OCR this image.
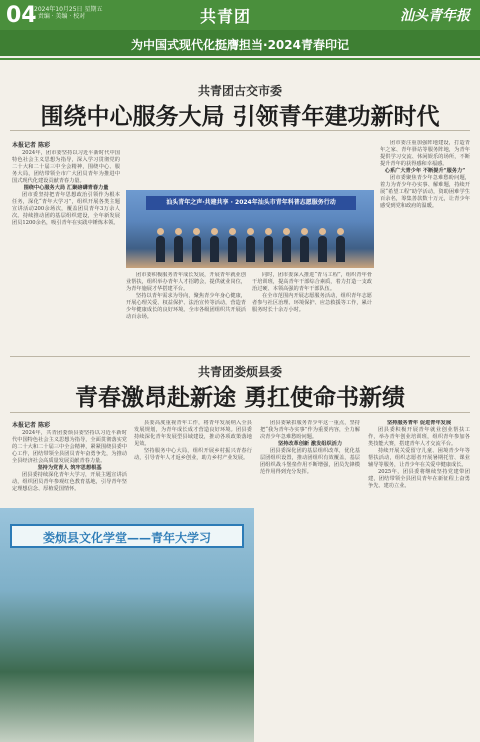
04
2024年10月25日 星期五 · 责编 · 美编 · 校对	共青团	汕头青年报
为中国式现代化挺膺担当·2024青春印记
共青团古交市委
围绕中心服务大局 引领青年建功新时代
本报记者 陈彩

2024年，团市委坚持以习近平新时代中国特色社会主义思想为指导，深入学习贯彻党的二十大和二十届三中全会精神，围绕中心、服务大局，团结带领全市广大团员青年为推进中国式现代化建设贡献青春力量。

围绕中心服务大局 汇聚磅礴青春力量

团市委坚持把青年思想政治引领作为根本任务，深化“青年大学习”，组织开展各类主题宣讲活动200余场次，覆盖团员青年3万余人次。持续推动团的基层组织建设，全年新发展团员1200余名，吸引青年在实践中锤炼本领。

汕头青年之声·共建共享 · 2024年汕头市青年科普志愿服务行动

团市委积极服务青年成长发展，开展青年就业创业帮扶，组织举办青年人才招聘会，提供就业岗位，为青年施展才华搭建平台。

坚持以青年需求为导向，聚焦青少年身心健康，开展心理关爱、权益保护、法治宣传等活动，营造青少年健康成长的良好环境。全市各级团组织共开展活动百余场。

同时，团市委深入推进“青马工程”，组织青年骨干培训班，提高青年干部综合素质，着力打造一支政治过硬、本领高强的青年干部队伍。

在全市范围内开展志愿服务活动，组织青年志愿者参与社区治理、环境保护、应急救援等工作，累计服务时长十余万小时。

团市委注重加强阵地建设，打造青年之家、青年驿站等服务阵地，为青年提供学习交流、休闲娱乐的场所，不断提升青年的获得感和幸福感。

心系广大青少年 不断提升“服务力”

团市委聚焦青少年急难愁盼问题，着力为青少年办实事、解难题，持续开展“希望工程”助学活动，资助困难学生百余名，筹集善款数十万元，让青少年感受到党和政府的温暖。

共青团娄烦县委
青春激昂赴新途 勇扛使命书新绩
本报记者 陈彩

2024年，共青团娄烦县委坚持以习近平新时代中国特色社会主义思想为指导，全面贯彻落实党的二十大和二十届三中全会精神，紧紧围绕县委中心工作，团结带领全县团员青年奋勇争先，为推动全县经济社会高质量发展贡献青春力量。

坚持为党育人 筑牢思想根基

团县委持续深化青年大学习，开展主题宣讲活动，组织团员青年参观红色教育基地，引导青年坚定理想信念、厚植爱国情怀。

县委高度重视青年工作，将青年发展纳入全县发展规划，为青年成长成才营造良好环境。团县委持续深化青年发展型县域建设，推动各项政策落地见效。

坚持服务中心大局，组织开展乡村振兴青春行动，引导青年人才返乡创业，助力乡村产业发展。

娄烦县文化学堂——青年大学习

团县委紧扣服务青少年这一重点，坚持把“我为青年办实事”作为重要内容，全力解决青少年急难愁盼问题。

坚持改革创新 激发组织活力

团县委深化团的基层组织改革，优化基层团组织设置，推动团组织有效覆盖，基层团组织战斗堡垒作用不断增强，团员先锋模范作用得到充分发挥。

坚持服务青年 促进青年发展

团县委积极开展青年就业创业帮扶工作，举办青年创业培训班，组织青年参加各类技能大赛，搭建青年人才交流平台。

持续开展关爱留守儿童、困境青少年等帮扶活动，组织志愿者开展暑期托管、课业辅导等服务，让青少年在关爱中健康成长。

2025年，团县委将继续坚持党建带团建，团结带领全县团员青年在新征程上奋勇争先、建功立业。
